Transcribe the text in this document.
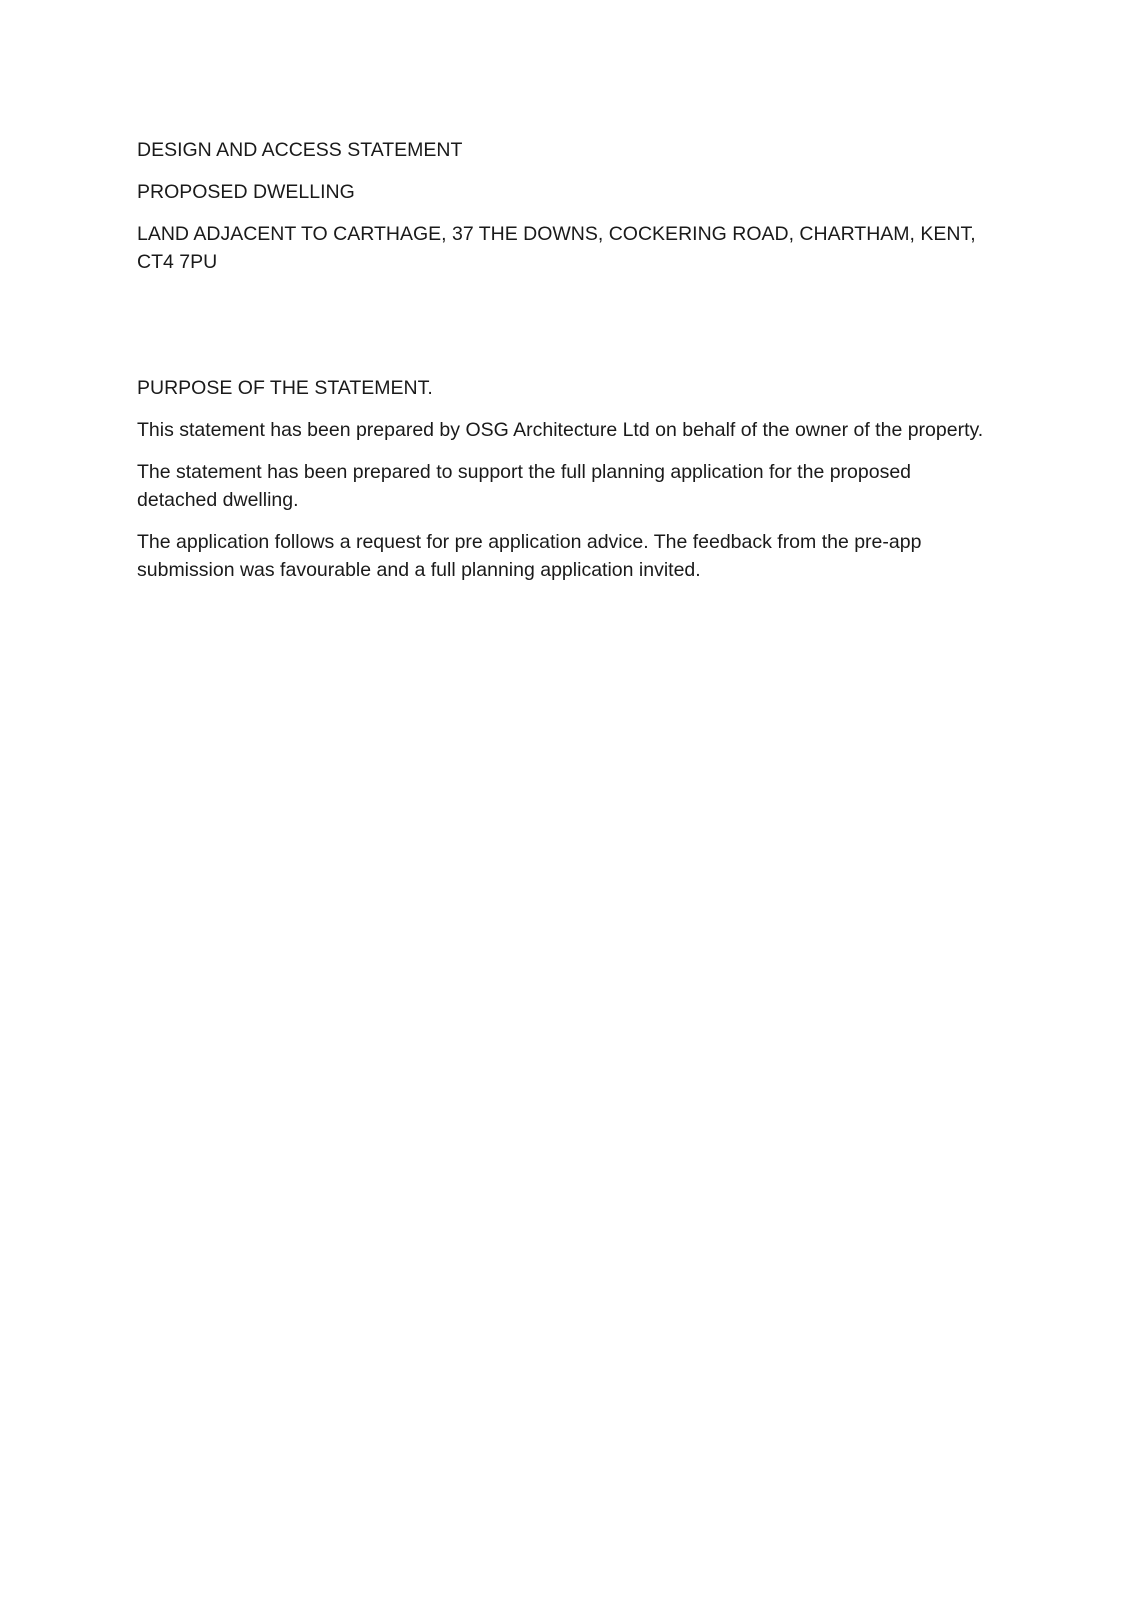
DESIGN AND ACCESS STATEMENT

PROPOSED DWELLING

LAND ADJACENT TO CARTHAGE, 37 THE DOWNS, COCKERING ROAD, CHARTHAM, KENT, CT4 7PU

PURPOSE OF THE STATEMENT.

This statement has been prepared by OSG Architecture Ltd on behalf of the owner of the property.

The statement has been prepared to support the full planning application for the proposed detached dwelling.

The application follows a request for pre application advice. The feedback from the pre-app submission was favourable and a full planning application invited.
